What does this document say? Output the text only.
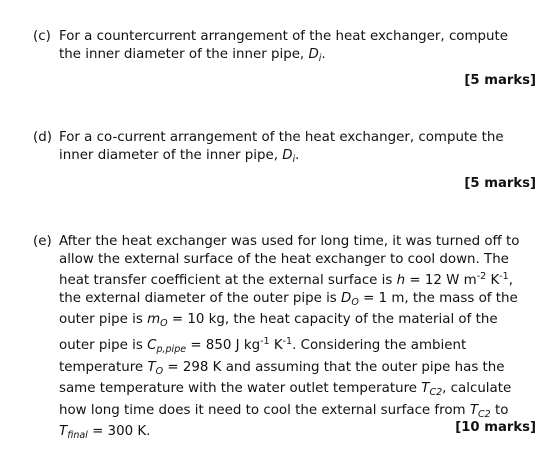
(c) For a countercurrent arrangement of the heat exchanger, compute the inner diameter of the inner pipe, $D_i$.
[5 marks]
(d) For a co-current arrangement of the heat exchanger, compute the inner diameter of the inner pipe, $D_i$.
[5 marks]
(e) After the heat exchanger was used for long time, it was turned off to allow the external surface of the heat exchanger to cool down. The heat transfer coefficient at the external surface is h = 12 W $m^{-2}$ $K^{-1}$, the external diameter of the outer pipe is $D_O = 1$ m, the mass of the outer pipe is $m_O = 10$ kg, the heat capacity of the material of the outer pipe is $C_{p,pipe} = 850$ J $kg^{-1}$ $K^{-1}$. Considering the ambient temperature $T_O = 298$ K and assuming that the outer pipe has the same temperature with the water outlet temperature $T_{C2}$, calculate how long time does it need to cool the external surface from $T_{C2}$ to $T_{final} = 300$ K.	[10 marks]
